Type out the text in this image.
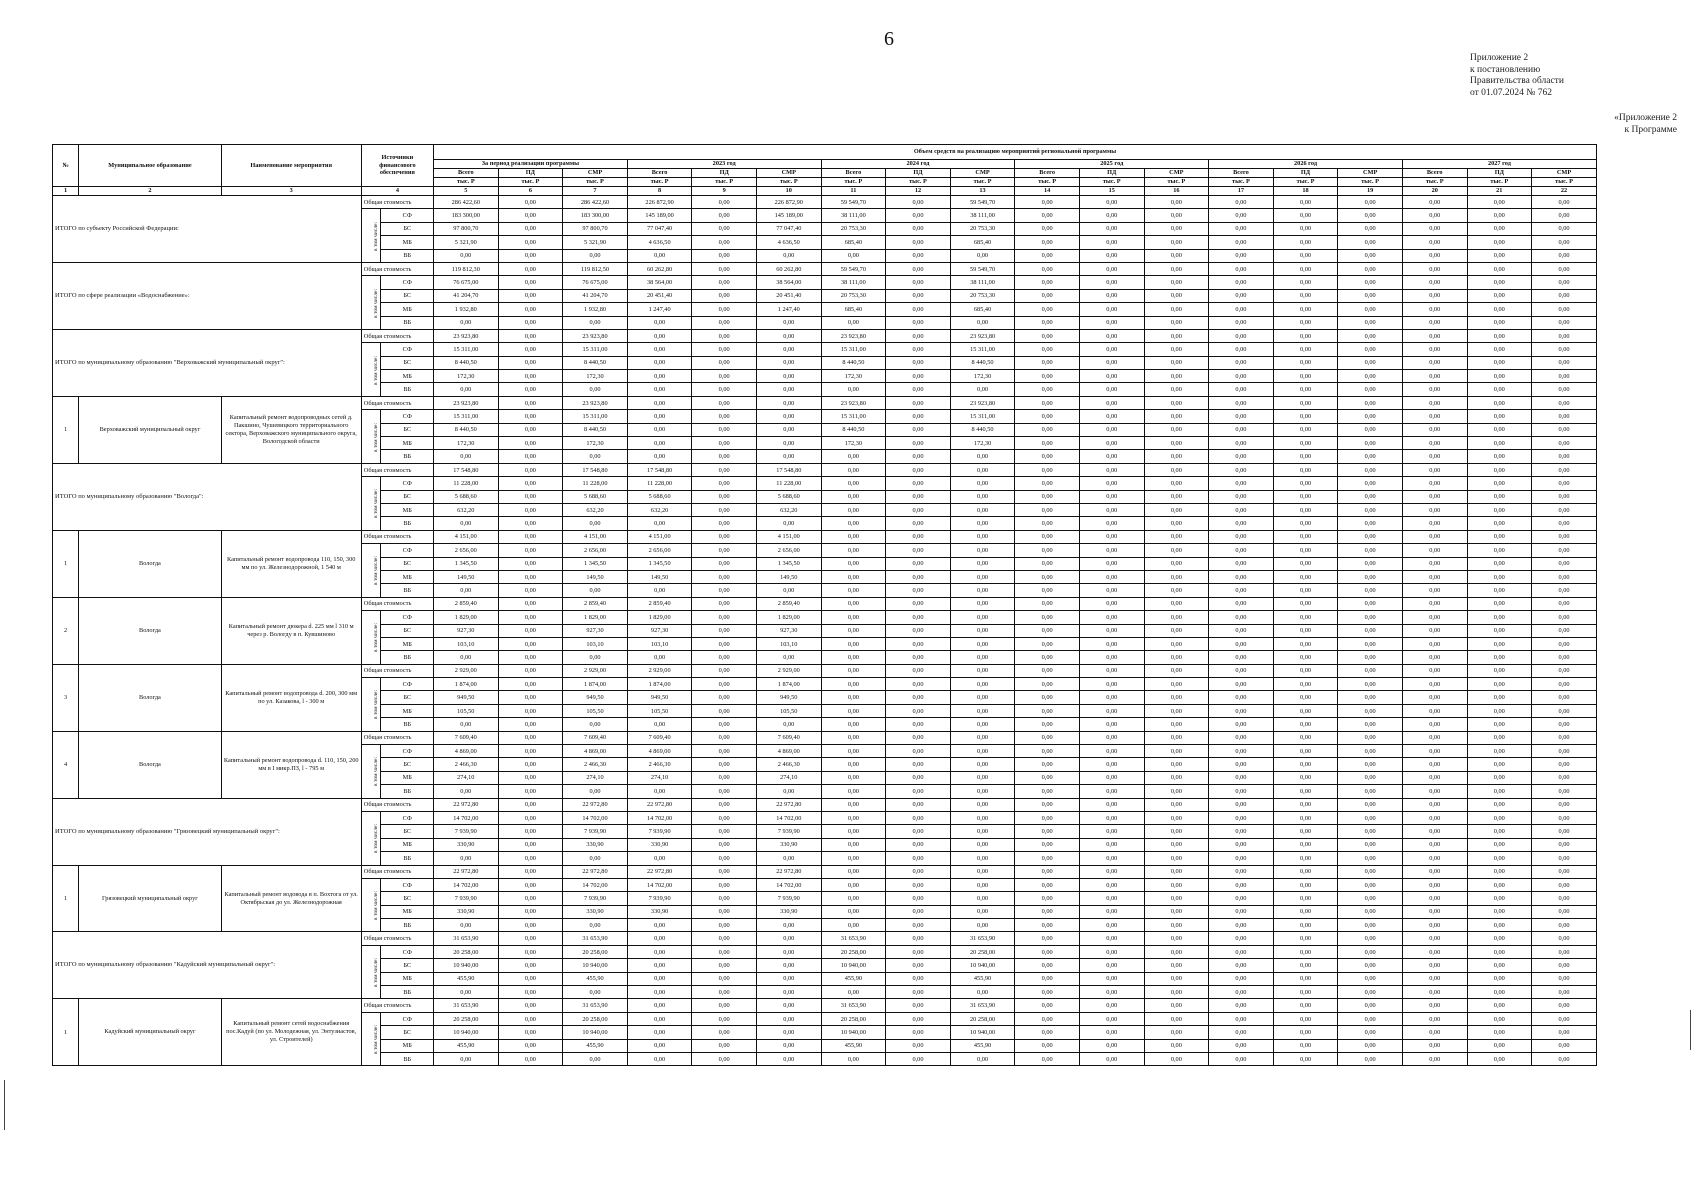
6
Приложение 2
к постановлению
Правительства области
от 01.07.2024 № 762
«Приложение 2
к Программе
№	Муниципальное образование	Наименование мероприятия	Источники финансового обеспечения		Объем средств на реализацию мероприятий региональной программы																	
					За период реализации программы			2023 год			2024 год			2025 год			2026 год			2027 год		
					Всего	ПД	СМР	Всего	ПД	СМР	Всего	ПД	СМР	Всего	ПД	СМР	Всего	ПД	СМР	Всего	ПД	СМР
					тыс. Р	тыс. Р	тыс. Р	тыс. Р	тыс. Р	тыс. Р	тыс. Р	тыс. Р	тыс. Р	тыс. Р	тыс. Р	тыс. Р	тыс. Р	тыс. Р	тыс. Р	тыс. Р	тыс. Р	тыс. Р
1	2	3	4		5	6	7	8	9	10	11	12	13	14	15	16	17	18	19	20	21	22
ИТОГО по субъекту Российской Федерации:			Общая стоимость		286 422,60	0,00	286 422,60	226 872,90	0,00	226 872,90	59 549,70	0,00	59 549,70	0,00	0,00	0,00	0,00	0,00	0,00	0,00	0,00	0,00
			в том числе:	СФ	183 300,00	0,00	183 300,00	145 189,00	0,00	145 189,00	38 111,00	0,00	38 111,00	0,00	0,00	0,00	0,00	0,00	0,00	0,00	0,00	0,00
				БС	97 800,70	0,00	97 800,70	77 047,40	0,00	77 047,40	20 753,30	0,00	20 753,30	0,00	0,00	0,00	0,00	0,00	0,00	0,00	0,00	0,00
				МБ	5 321,90	0,00	5 321,90	4 636,50	0,00	4 636,50	685,40	0,00	685,40	0,00	0,00	0,00	0,00	0,00	0,00	0,00	0,00	0,00
				ВБ	0,00	0,00	0,00	0,00	0,00	0,00	0,00	0,00	0,00	0,00	0,00	0,00	0,00	0,00	0,00	0,00	0,00	0,00
ИТОГО по сфере реализации «Водоснабжение»:			Общая стоимость		119 812,30	0,00	119 812,50	60 262,80	0,00	60 262,80	59 549,70	0,00	59 549,70	0,00	0,00	0,00	0,00	0,00	0,00	0,00	0,00	0,00
			в том числе:	СФ	76 675,00	0,00	76 675,00	38 564,00	0,00	38 564,00	38 111,00	0,00	38 111,00	0,00	0,00	0,00	0,00	0,00	0,00	0,00	0,00	0,00
				БС	41 204,70	0,00	41 204,70	20 451,40	0,00	20 451,40	20 753,30	0,00	20 753,30	0,00	0,00	0,00	0,00	0,00	0,00	0,00	0,00	0,00
				МБ	1 932,80	0,00	1 932,80	1 247,40	0,00	1 247,40	685,40	0,00	685,40	0,00	0,00	0,00	0,00	0,00	0,00	0,00	0,00	0,00
				ВБ	0,00	0,00	0,00	0,00	0,00	0,00	0,00	0,00	0,00	0,00	0,00	0,00	0,00	0,00	0,00	0,00	0,00	0,00
ИТОГО по муниципальному образованию "Верховажский муниципальный округ":			Общая стоимость		23 923,80	0,00	23 923,80	0,00	0,00	0,00	23 923,80	0,00	23 923,80	0,00	0,00	0,00	0,00	0,00	0,00	0,00	0,00	0,00
			в том числе:	СФ	15 311,00	0,00	15 311,00	0,00	0,00	0,00	15 311,00	0,00	15 311,00	0,00	0,00	0,00	0,00	0,00	0,00	0,00	0,00	0,00
				БС	8 440,50	0,00	8 440,50	0,00	0,00	0,00	8 440,50	0,00	8 440,50	0,00	0,00	0,00	0,00	0,00	0,00	0,00	0,00	0,00
				МБ	172,30	0,00	172,30	0,00	0,00	0,00	172,30	0,00	172,30	0,00	0,00	0,00	0,00	0,00	0,00	0,00	0,00	0,00
				ВБ	0,00	0,00	0,00	0,00	0,00	0,00	0,00	0,00	0,00	0,00	0,00	0,00	0,00	0,00	0,00	0,00	0,00	0,00
1	Верховажский муниципальный округ	Капитальный ремонт водопроводных сетей д. Пакшино, Чушевицкого территориального сектора, Верховажского муниципального округа, Вологодской области	Общая стоимость		23 923,80	0,00	23 923,80	0,00	0,00	0,00	23 923,80	0,00	23 923,80	0,00	0,00	0,00	0,00	0,00	0,00	0,00	0,00	0,00
			в том числе:	СФ	15 311,00	0,00	15 311,00	0,00	0,00	0,00	15 311,00	0,00	15 311,00	0,00	0,00	0,00	0,00	0,00	0,00	0,00	0,00	0,00
				БС	8 440,50	0,00	8 440,50	0,00	0,00	0,00	8 440,50	0,00	8 440,50	0,00	0,00	0,00	0,00	0,00	0,00	0,00	0,00	0,00
				МБ	172,30	0,00	172,30	0,00	0,00	0,00	172,30	0,00	172,30	0,00	0,00	0,00	0,00	0,00	0,00	0,00	0,00	0,00
				ВБ	0,00	0,00	0,00	0,00	0,00	0,00	0,00	0,00	0,00	0,00	0,00	0,00	0,00	0,00	0,00	0,00	0,00	0,00
ИТОГО по муниципальному образованию "Вологда":			Общая стоимость		17 548,80	0,00	17 548,80	17 548,80	0,00	17 548,80	0,00	0,00	0,00	0,00	0,00	0,00	0,00	0,00	0,00	0,00	0,00	0,00
			в том числе:	СФ	11 228,00	0,00	11 228,00	11 228,00	0,00	11 228,00	0,00	0,00	0,00	0,00	0,00	0,00	0,00	0,00	0,00	0,00	0,00	0,00
				БС	5 688,60	0,00	5 688,60	5 688,60	0,00	5 688,60	0,00	0,00	0,00	0,00	0,00	0,00	0,00	0,00	0,00	0,00	0,00	0,00
				МБ	632,20	0,00	632,20	632,20	0,00	632,20	0,00	0,00	0,00	0,00	0,00	0,00	0,00	0,00	0,00	0,00	0,00	0,00
				ВБ	0,00	0,00	0,00	0,00	0,00	0,00	0,00	0,00	0,00	0,00	0,00	0,00	0,00	0,00	0,00	0,00	0,00	0,00
1	Вологда	Капитальный ремонт водопровода 110, 150, 300 мм по ул. Железнодорожной, 1 540 м	Общая стоимость		4 151,00	0,00	4 151,00	4 151,00	0,00	4 151,00	0,00	0,00	0,00	0,00	0,00	0,00	0,00	0,00	0,00	0,00	0,00	0,00
			в том числе:	СФ	2 656,00	0,00	2 656,00	2 656,00	0,00	2 656,00	0,00	0,00	0,00	0,00	0,00	0,00	0,00	0,00	0,00	0,00	0,00	0,00
				БС	1 345,50	0,00	1 345,50	1 345,50	0,00	1 345,50	0,00	0,00	0,00	0,00	0,00	0,00	0,00	0,00	0,00	0,00	0,00	0,00
				МБ	149,50	0,00	149,50	149,50	0,00	149,50	0,00	0,00	0,00	0,00	0,00	0,00	0,00	0,00	0,00	0,00	0,00	0,00
				ВБ	0,00	0,00	0,00	0,00	0,00	0,00	0,00	0,00	0,00	0,00	0,00	0,00	0,00	0,00	0,00	0,00	0,00	0,00
2	Вологда	Капитальный ремонт дюкера d. 225 мм l 310 м через р. Вологду в п. Кувшиново	Общая стоимость		2 859,40	0,00	2 859,40	2 859,40	0,00	2 859,40	0,00	0,00	0,00	0,00	0,00	0,00	0,00	0,00	0,00	0,00	0,00	0,00
			в том числе:	СФ	1 829,00	0,00	1 829,00	1 829,00	0,00	1 829,00	0,00	0,00	0,00	0,00	0,00	0,00	0,00	0,00	0,00	0,00	0,00	0,00
				БС	927,30	0,00	927,30	927,30	0,00	927,30	0,00	0,00	0,00	0,00	0,00	0,00	0,00	0,00	0,00	0,00	0,00	0,00
				МБ	103,10	0,00	103,10	103,10	0,00	103,10	0,00	0,00	0,00	0,00	0,00	0,00	0,00	0,00	0,00	0,00	0,00	0,00
				ВБ	0,00	0,00	0,00	0,00	0,00	0,00	0,00	0,00	0,00	0,00	0,00	0,00	0,00	0,00	0,00	0,00	0,00	0,00
3	Вологда	Капитальный ремонт водопровода d. 200, 300 мм по ул. Казакова, l - 300 м	Общая стоимость		2 929,00	0,00	2 929,00	2 929,00	0,00	2 929,00	0,00	0,00	0,00	0,00	0,00	0,00	0,00	0,00	0,00	0,00	0,00	0,00
			в том числе:	СФ	1 874,00	0,00	1 874,00	1 874,00	0,00	1 874,00	0,00	0,00	0,00	0,00	0,00	0,00	0,00	0,00	0,00	0,00	0,00	0,00
				БС	949,50	0,00	949,50	949,50	0,00	949,50	0,00	0,00	0,00	0,00	0,00	0,00	0,00	0,00	0,00	0,00	0,00	0,00
				МБ	105,50	0,00	105,50	105,50	0,00	105,50	0,00	0,00	0,00	0,00	0,00	0,00	0,00	0,00	0,00	0,00	0,00	0,00
				ВБ	0,00	0,00	0,00	0,00	0,00	0,00	0,00	0,00	0,00	0,00	0,00	0,00	0,00	0,00	0,00	0,00	0,00	0,00
4	Вологда	Капитальный ремонт водопровода d. 110, 150, 200 мм в I микр.ПЗ, l - 795 м	Общая стоимость		7 609,40	0,00	7 609,40	7 609,40	0,00	7 609,40	0,00	0,00	0,00	0,00	0,00	0,00	0,00	0,00	0,00	0,00	0,00	0,00
			в том числе:	СФ	4 869,00	0,00	4 869,00	4 869,00	0,00	4 869,00	0,00	0,00	0,00	0,00	0,00	0,00	0,00	0,00	0,00	0,00	0,00	0,00
				БС	2 466,30	0,00	2 466,30	2 466,30	0,00	2 466,30	0,00	0,00	0,00	0,00	0,00	0,00	0,00	0,00	0,00	0,00	0,00	0,00
				МБ	274,10	0,00	274,10	274,10	0,00	274,10	0,00	0,00	0,00	0,00	0,00	0,00	0,00	0,00	0,00	0,00	0,00	0,00
				ВБ	0,00	0,00	0,00	0,00	0,00	0,00	0,00	0,00	0,00	0,00	0,00	0,00	0,00	0,00	0,00	0,00	0,00	0,00
ИТОГО по муниципальному образованию "Грязовецкий муниципальный округ":			Общая стоимость		22 972,80	0,00	22 972,80	22 972,80	0,00	22 972,80	0,00	0,00	0,00	0,00	0,00	0,00	0,00	0,00	0,00	0,00	0,00	0,00
			в том числе:	СФ	14 702,00	0,00	14 702,00	14 702,00	0,00	14 702,00	0,00	0,00	0,00	0,00	0,00	0,00	0,00	0,00	0,00	0,00	0,00	0,00
				БС	7 939,90	0,00	7 939,90	7 939,90	0,00	7 939,90	0,00	0,00	0,00	0,00	0,00	0,00	0,00	0,00	0,00	0,00	0,00	0,00
				МБ	330,90	0,00	330,90	330,90	0,00	330,90	0,00	0,00	0,00	0,00	0,00	0,00	0,00	0,00	0,00	0,00	0,00	0,00
				ВБ	0,00	0,00	0,00	0,00	0,00	0,00	0,00	0,00	0,00	0,00	0,00	0,00	0,00	0,00	0,00	0,00	0,00	0,00
1	Грязовецкий муниципальный округ	Капитальный ремонт водовода в п. Вохтога от ул. Октябрьская до ул. Железнодорожная	Общая стоимость		22 972,80	0,00	22 972,80	22 972,80	0,00	22 972,80	0,00	0,00	0,00	0,00	0,00	0,00	0,00	0,00	0,00	0,00	0,00	0,00
			в том числе:	СФ	14 702,00	0,00	14 702,00	14 702,00	0,00	14 702,00	0,00	0,00	0,00	0,00	0,00	0,00	0,00	0,00	0,00	0,00	0,00	0,00
				БС	7 939,90	0,00	7 939,90	7 939,90	0,00	7 939,90	0,00	0,00	0,00	0,00	0,00	0,00	0,00	0,00	0,00	0,00	0,00	0,00
				МБ	330,90	0,00	330,90	330,90	0,00	330,90	0,00	0,00	0,00	0,00	0,00	0,00	0,00	0,00	0,00	0,00	0,00	0,00
				ВБ	0,00	0,00	0,00	0,00	0,00	0,00	0,00	0,00	0,00	0,00	0,00	0,00	0,00	0,00	0,00	0,00	0,00	0,00
ИТОГО по муниципальному образованию "Кадуйский муниципальный округ":			Общая стоимость		31 653,90	0,00	31 653,90	0,00	0,00	0,00	31 653,90	0,00	31 653,90	0,00	0,00	0,00	0,00	0,00	0,00	0,00	0,00	0,00
			в том числе:	СФ	20 258,00	0,00	20 258,00	0,00	0,00	0,00	20 258,00	0,00	20 258,00	0,00	0,00	0,00	0,00	0,00	0,00	0,00	0,00	0,00
				БС	10 940,00	0,00	10 940,00	0,00	0,00	0,00	10 940,00	0,00	10 940,00	0,00	0,00	0,00	0,00	0,00	0,00	0,00	0,00	0,00
				МБ	455,90	0,00	455,90	0,00	0,00	0,00	455,90	0,00	455,90	0,00	0,00	0,00	0,00	0,00	0,00	0,00	0,00	0,00
				ВБ	0,00	0,00	0,00	0,00	0,00	0,00	0,00	0,00	0,00	0,00	0,00	0,00	0,00	0,00	0,00	0,00	0,00	0,00
1	Кадуйский муниципальный округ	Капитальный ремонт сетей водоснабжения пос.Кадуй (по ул. Молодежная, ул. Энтузиастов, ул. Строителей)	Общая стоимость		31 653,90	0,00	31 653,90	0,00	0,00	0,00	31 653,90	0,00	31 653,90	0,00	0,00	0,00	0,00	0,00	0,00	0,00	0,00	0,00
			в том числе:	СФ	20 258,00	0,00	20 258,00	0,00	0,00	0,00	20 258,00	0,00	20 258,00	0,00	0,00	0,00	0,00	0,00	0,00	0,00	0,00	0,00
				БС	10 940,00	0,00	10 940,00	0,00	0,00	0,00	10 940,00	0,00	10 940,00	0,00	0,00	0,00	0,00	0,00	0,00	0,00	0,00	0,00
				МБ	455,90	0,00	455,90	0,00	0,00	0,00	455,90	0,00	455,90	0,00	0,00	0,00	0,00	0,00	0,00	0,00	0,00	0,00
				ВБ	0,00	0,00	0,00	0,00	0,00	0,00	0,00	0,00	0,00	0,00	0,00	0,00	0,00	0,00	0,00	0,00	0,00	0,00
